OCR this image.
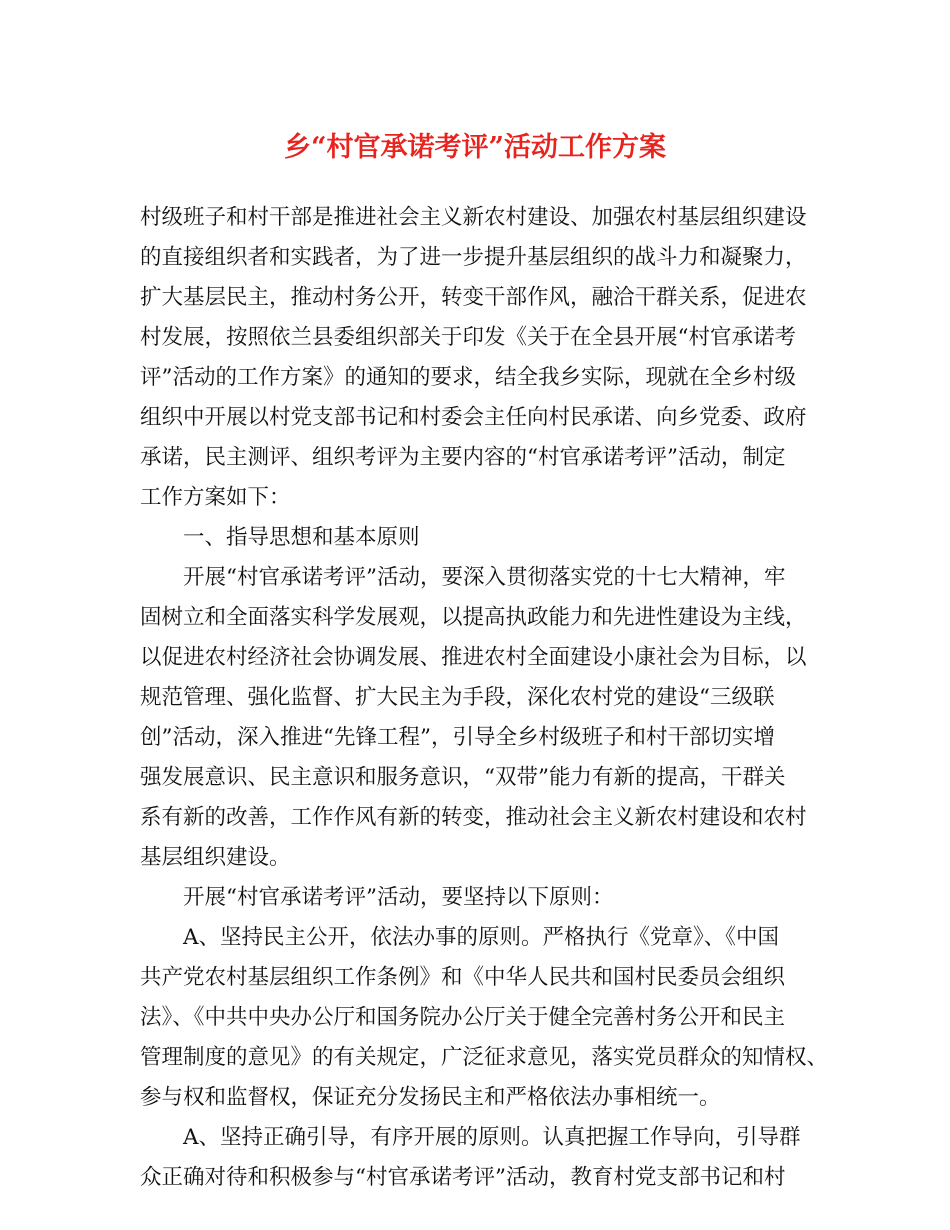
乡“村官承诺考评”活动工作方案
村级班子和村干部是推进社会主义新农村建设、加强农村基层组织建设
的直接组织者和实践者，为了进一步提升基层组织的战斗力和凝聚力，
扩大基层民主，推动村务公开，转变干部作风，融洽干群关系，促进农
村发展，按照依兰县委组织部关于印发《关于在全县开展“村官承诺考
评”活动的工作方案》的通知的要求，结全我乡实际，现就在全乡村级
组织中开展以村党支部书记和村委会主任向村民承诺、向乡党委、政府
承诺，民主测评、组织考评为主要内容的“村官承诺考评”活动，制定
工作方案如下：
一、指导思想和基本原则
开展“村官承诺考评”活动，要深入贯彻落实党的十七大精神，牢
固树立和全面落实科学发展观，以提高执政能力和先进性建设为主线，
以促进农村经济社会协调发展、推进农村全面建设小康社会为目标，以
规范管理、强化监督、扩大民主为手段，深化农村党的建设“三级联
创”活动，深入推进“先锋工程”，引导全乡村级班子和村干部切实增
强发展意识、民主意识和服务意识，“双带”能力有新的提高，干群关
系有新的改善，工作作风有新的转变，推动社会主义新农村建设和农村
基层组织建设。
开展“村官承诺考评”活动，要坚持以下原则：
A、坚持民主公开，依法办事的原则。严格执行《党章》、《中国
共产党农村基层组织工作条例》和《中华人民共和国村民委员会组织
法》、《中共中央办公厅和国务院办公厅关于健全完善村务公开和民主
管理制度的意见》的有关规定，广泛征求意见，落实党员群众的知情权、
参与权和监督权，保证充分发扬民主和严格依法办事相统一。
A、坚持正确引导，有序开展的原则。认真把握工作导向，引导群
众正确对待和积极参与“村官承诺考评”活动，教育村党支部书记和村
